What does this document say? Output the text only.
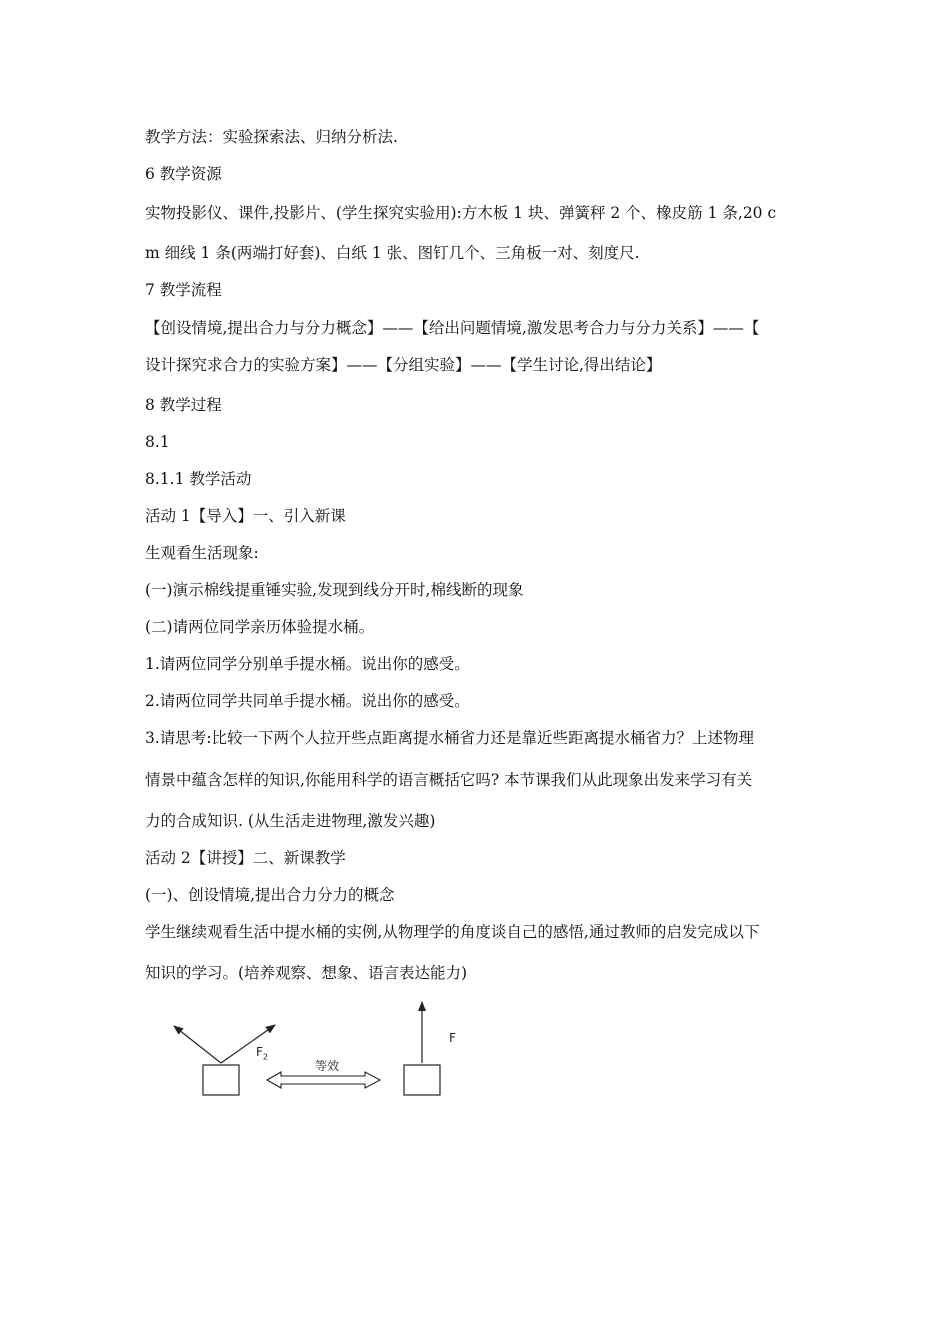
教学方法：实验探索法、归纳分析法.
6 教学资源
实物投影仪、课件,投影片、(学生探究实验用):方木板 1 块、弹簧秤 2 个、橡皮筋 1 条,20 c
m 细线 1 条(两端打好套)、白纸 1 张、图钉几个、三角板一对、刻度尺.
7 教学流程
【创设情境,提出合力与分力概念】——【给出问题情境,激发思考合力与分力关系】——【
设计探究求合力的实验方案】——【分组实验】——【学生讨论,得出结论】
8 教学过程
8.1
8.1.1 教学活动
活动 1【导入】一、引入新课
生观看生活现象:
(一)演示棉线提重锤实验,发现到线分开时,棉线断的现象
(二)请两位同学亲历体验提水桶。
1.请两位同学分别单手提水桶。说出你的感受。
2.请两位同学共同单手提水桶。说出你的感受。
3.请思考:比较一下两个人拉开些点距离提水桶省力还是靠近些距离提水桶省力？上述物理
情景中蕴含怎样的知识,你能用科学的语言概括它吗? 本节课我们从此现象出发来学习有关
力的合成知识. (从生活走进物理,激发兴趣)
活动 2【讲授】二、新课教学
(一)、创设情境,提出合力分力的概念
学生继续观看生活中提水桶的实例,从物理学的角度谈自己的感悟,通过教师的启发完成以下
知识的学习。(培养观察、想象、语言表达能力)
$F_2$
等效
F
